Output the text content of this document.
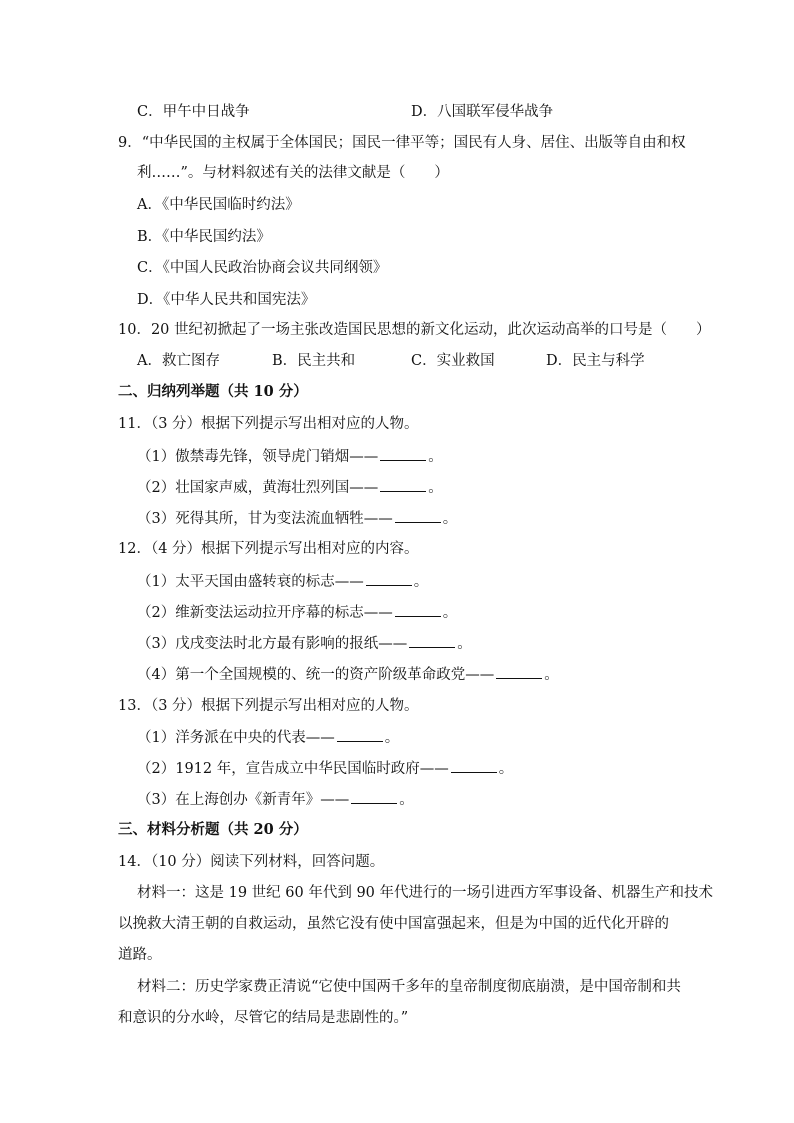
C．甲午中日战争	D．八国联军侵华战争
9．“中华民国的主权属于全体国民；国民一律平等；国民有人身、居住、出版等自由和权
利……”。与材料叙述有关的法律文献是（　　）
A．《中华民国临时约法》
B．《中华民国约法》
C．《中国人民政治协商会议共同纲领》
D．《中华人民共和国宪法》
10．20 世纪初掀起了一场主张改造国民思想的新文化运动，此次运动高举的口号是（　　）
A．救亡图存	B．民主共和	C．实业救国	D．民主与科学
二、归纳列举题（共 10 分）
11．（3 分）根据下列提示写出相对应的人物。
（1）傲禁毒先锋，领导虎门销烟——	。
（2）壮国家声威，黄海壮烈列国——	。
（3）死得其所，甘为变法流血牺牲——	。
12．（4 分）根据下列提示写出相对应的内容。
（1）太平天国由盛转衰的标志——	。
（2）维新变法运动拉开序幕的标志——	。
（3）戊戌变法时北方最有影响的报纸——	。
（4）第一个全国规模的、统一的资产阶级革命政党——	。
13．（3 分）根据下列提示写出相对应的人物。
（1）洋务派在中央的代表——	。
（2）1912 年，宣告成立中华民国临时政府——	。
（3）在上海创办《新青年》——	。
三、材料分析题（共 20 分）
14．（10 分）阅读下列材料，回答问题。
材料一：这是 19 世纪 60 年代到 90 年代进行的一场引进西方军事设备、机器生产和技术
以挽救大清王朝的自救运动，虽然它没有使中国富强起来，但是为中国的近代化开辟的
道路。
材料二：历史学家费正清说“它使中国两千多年的皇帝制度彻底崩溃，是中国帝制和共
和意识的分水岭，尽管它的结局是悲剧性的。”
